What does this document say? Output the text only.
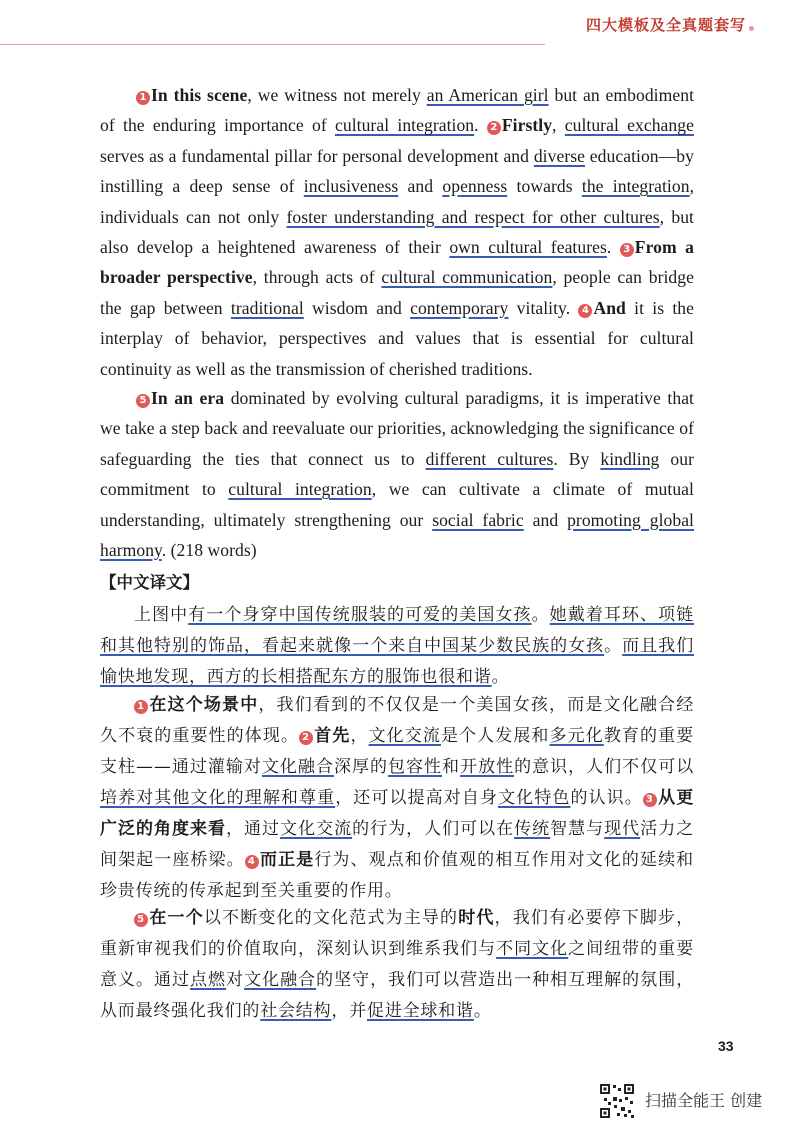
四大模板及全真题套写

1 In this scene, we witness not merely an American girl but an embodiment of the enduring importance of cultural integration. 2 Firstly, cultural exchange serves as a fundamental pillar for personal development and diverse education—by instilling a deep sense of inclusiveness and openness towards the integration, individuals can not only foster understanding and respect for other cultures, but also develop a heightened awareness of their own cultural features. 3 From a broader perspective, through acts of cultural communication, people can bridge the gap between traditional wisdom and contemporary vitality. 4 And it is the interplay of behavior, perspectives and values that is essential for cultural continuity as well as the transmission of cherished traditions.

5 In an era dominated by evolving cultural paradigms, it is imperative that we take a step back and reevaluate our priorities, acknowledging the significance of safeguarding the ties that connect us to different cultures. By kindling our commitment to cultural integration, we can cultivate a climate of mutual understanding, ultimately strengthening our social fabric and promoting global harmony. (218 words)

【中文译文】

上图中有一个身穿中国传统服装的可爱的美国女孩。她戴着耳环、项链和其他特别的饰品，看起来就像一个来自中国某少数民族的女孩。而且我们愉快地发现，西方的长相搭配东方的服饰也很和谐。

1 在这个场景中，我们看到的不仅仅是一个美国女孩，而是文化融合经久不衰的重要性的体现。 2 首先，文化交流是个人发展和多元化教育的重要支柱——通过灌输对文化融合深厚的包容性和开放性的意识，人们不仅可以培养对其他文化的理解和尊重，还可以提高对自身文化特色的认识。 3 从更广泛的角度来看，通过文化交流的行为，人们可以在传统智慧与现代活力之间架起一座桥梁。 4 而正是行为、观点和价值观的相互作用对文化的延续和珍贵传统的传承起到至关重要的作用。

5 在一个以不断变化的文化范式为主导的时代，我们有必要停下脚步，重新审视我们的价值取向，深刻认识到维系我们与不同文化之间纽带的重要意义。通过点燃对文化融合的坚守，我们可以营造出一种相互理解的氛围，从而最终强化我们的社会结构，并促进全球和谐。

33
扫描全能王 创建
